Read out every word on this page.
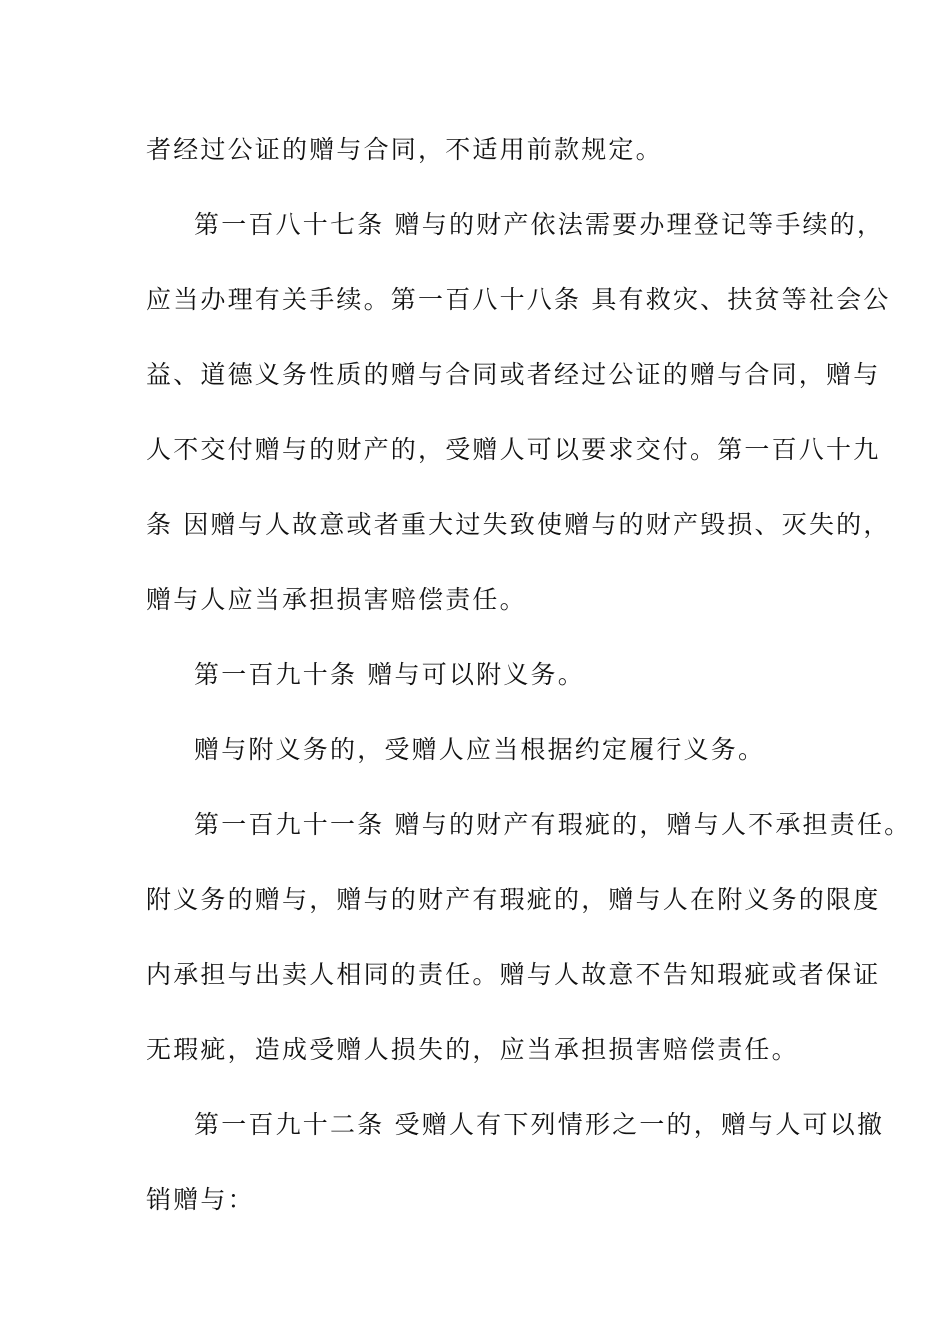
者经过公证的赠与合同，不适用前款规定。
第一百八十七条 赠与的财产依法需要办理登记等手续的，
应当办理有关手续。第一百八十八条 具有救灾、扶贫等社会公
益、道德义务性质的赠与合同或者经过公证的赠与合同，赠与
人不交付赠与的财产的，受赠人可以要求交付。第一百八十九
条 因赠与人故意或者重大过失致使赠与的财产毁损、灭失的，
赠与人应当承担损害赔偿责任。
第一百九十条 赠与可以附义务。
赠与附义务的，受赠人应当根据约定履行义务。
第一百九十一条 赠与的财产有瑕疵的，赠与人不承担责任。
附义务的赠与，赠与的财产有瑕疵的，赠与人在附义务的限度
内承担与出卖人相同的责任。赠与人故意不告知瑕疵或者保证
无瑕疵，造成受赠人损失的，应当承担损害赔偿责任。
第一百九十二条 受赠人有下列情形之一的，赠与人可以撤
销赠与：
